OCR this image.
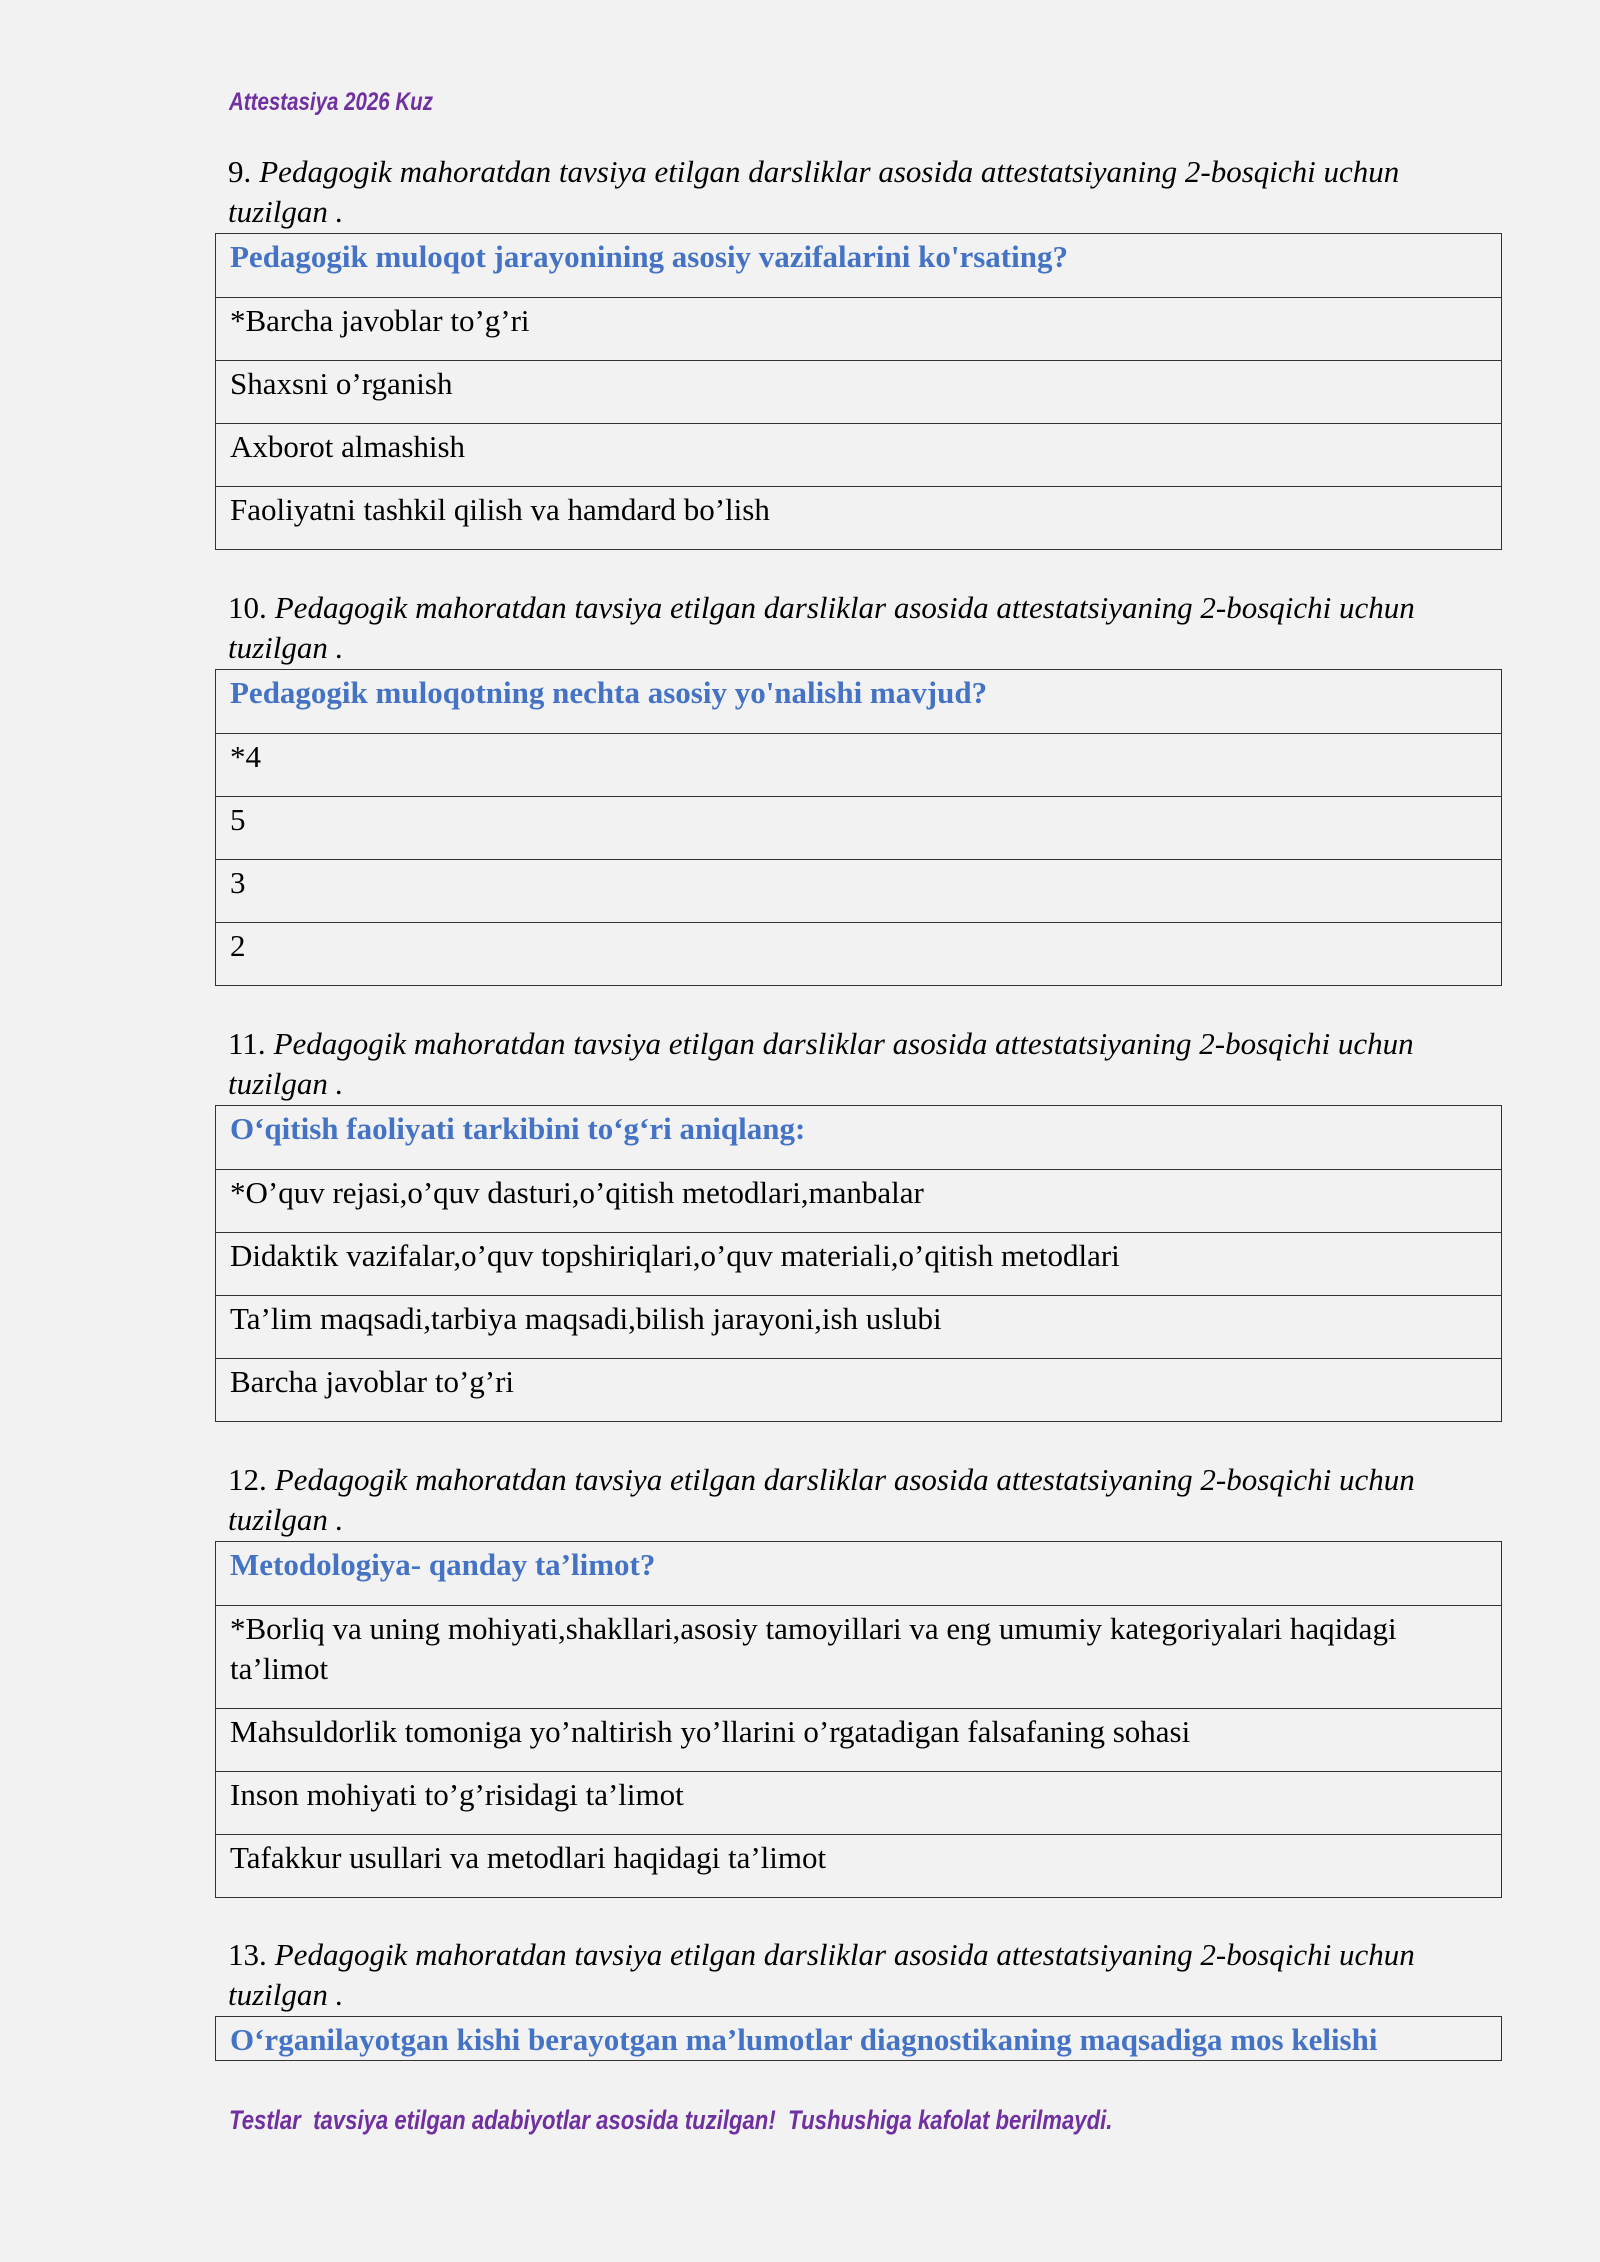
Attestasiya 2026 Kuz
9. Pedagogik mahoratdan tavsiya etilgan darsliklar asosida attestatsiyaning 2-bosqichi uchun tuzilgan .
Pedagogik muloqot jarayonining asosiy vazifalarini ko'rsating?
*Barcha javoblar to’g’ri
Shaxsni o’rganish
Axborot almashish
Faoliyatni tashkil qilish va hamdard bo’lish
10. Pedagogik mahoratdan tavsiya etilgan darsliklar asosida attestatsiyaning 2-bosqichi uchun tuzilgan .
Pedagogik muloqotning nechta asosiy yo'nalishi mavjud?
*4
5
3
2
11. Pedagogik mahoratdan tavsiya etilgan darsliklar asosida attestatsiyaning 2-bosqichi uchun tuzilgan .
O‘qitish faoliyati tarkibini to‘g‘ri aniqlang:
*O’quv rejasi,o’quv dasturi,o’qitish metodlari,manbalar
Didaktik vazifalar,o’quv topshiriqlari,o’quv materiali,o’qitish metodlari
Ta’lim maqsadi,tarbiya maqsadi,bilish jarayoni,ish uslubi
Barcha javoblar to’g’ri
12. Pedagogik mahoratdan tavsiya etilgan darsliklar asosida attestatsiyaning 2-bosqichi uchun tuzilgan .
Metodologiya- qanday ta’limot?
*Borliq va uning mohiyati,shakllari,asosiy tamoyillari va eng umumiy kategoriyalari haqidagi ta’limot
Mahsuldorlik tomoniga yo’naltirish yo’llarini o’rgatadigan falsafaning sohasi
Inson mohiyati to’g’risidagi ta’limot
Tafakkur usullari va metodlari haqidagi ta’limot
13. Pedagogik mahoratdan tavsiya etilgan darsliklar asosida attestatsiyaning 2-bosqichi uchun tuzilgan .
O‘rganilayotgan kishi berayotgan ma’lumotlar diagnostikaning maqsadiga mos kelishi
Testlar  tavsiya etilgan adabiyotlar asosida tuzilgan!  Tushushiga kafolat berilmaydi.
